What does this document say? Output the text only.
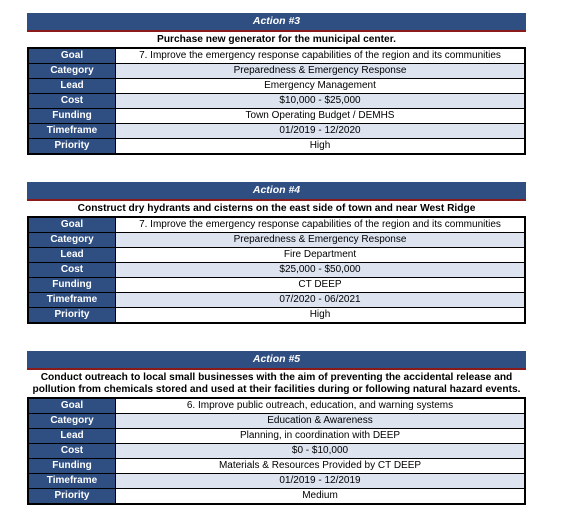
Action #3
Purchase new generator for the municipal center.
Goal	7. Improve the emergency response capabilities of the region and its communities
Category	Preparedness & Emergency Response
Lead	Emergency Management
Cost	$10,000 - $25,000
Funding	Town Operating Budget / DEMHS
Timeframe	01/2019 - 12/2020
Priority	High
Action #4
Construct dry hydrants and cisterns on the east side of town and near West Ridge
Goal	7. Improve the emergency response capabilities of the region and its communities
Category	Preparedness & Emergency Response
Lead	Fire Department
Cost	$25,000 - $50,000
Funding	CT DEEP
Timeframe	07/2020 - 06/2021
Priority	High
Action #5
Conduct outreach to local small businesses with the aim of preventing the accidental release and
pollution from chemicals stored and used at their facilities during or following natural hazard events.
Goal	6. Improve public outreach, education, and warning systems
Category	Education & Awareness
Lead	Planning, in coordination with DEEP
Cost	$0 - $10,000
Funding	Materials & Resources Provided by CT DEEP
Timeframe	01/2019 - 12/2019
Priority	Medium
